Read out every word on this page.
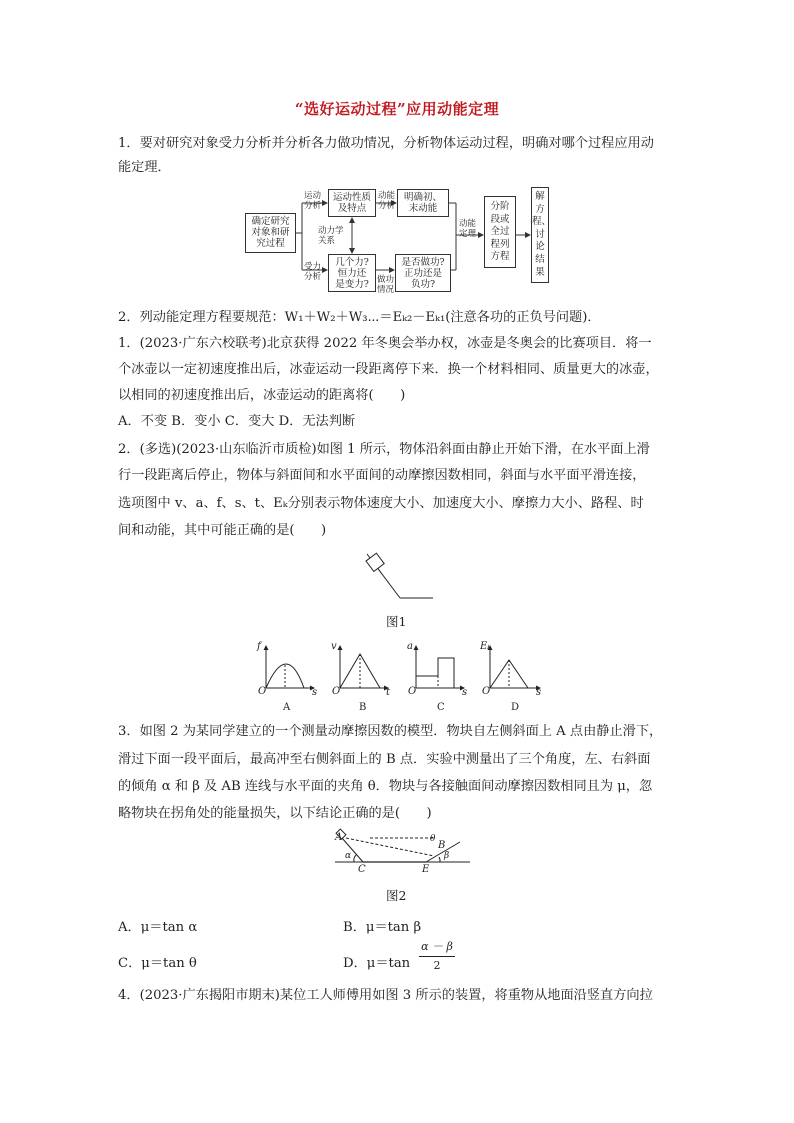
“选好运动过程”应用动能定理
1．要对研究对象受力分析并分析各力做功情况，分析物体运动过程，明确对哪个过程应用动
能定理．
确定研究
对象和研
究过程
运动
分析
运动性质
及特点
动能
分析
明确初、
末动能
动力学
关系
受力
分析
几个力?
恒力还
是变力? 做功
情况
是否做功?
正功还是
负功?
动能
定理
分阶
段或
全过
程列
方程
解
方
程、
讨
论
结
果
2．列动能定理方程要规范：W₁＋W₂＋W₃⋯＝Eₖ₂－Eₖ₁(注意各功的正负号问题)．
1．(2023·广东六校联考)北京获得 2022 年冬奥会举办权，冰壶是冬奥会的比赛项目．将一
个冰壶以一定初速度推出后，冰壶运动一段距离停下来．换一个材料相同、质量更大的冰壶，
以相同的初速度推出后，冰壶运动的距离将(　　)
A．不变 B．变小 C．变大 D．无法判断
2．(多选)(2023·山东临沂市质检)如图 1 所示，物体沿斜面由静止开始下滑，在水平面上滑
行一段距离后停止，物体与斜面间和水平面间的动摩擦因数相同，斜面与水平面平滑连接，
选项图中 v、a、f、s、t、Eₖ分别表示物体速度大小、加速度大小、摩擦力大小、路程、时
间和动能，其中可能正确的是(　　)
图1
f
O	s
A
v
O	t
B
a
O	s
C
Eₖ
O	s
D
3．如图 2 为某同学建立的一个测量动摩擦因数的模型．物块自左侧斜面上 A 点由静止滑下，
滑过下面一段平面后，最高冲至右侧斜面上的 B 点．实验中测量出了三个角度，左、右斜面
的倾角 α 和 β 及 AB 连线与水平面的夹角 θ．物块与各接触面间动摩擦因数相同且为 μ，忽
略物块在拐角处的能量损失，以下结论正确的是(　　)
A
B
C	E
α	β
θ
图2
A．μ＝tan α	B．μ＝tan β
C．μ＝tan θ	D．μ＝tan
α － β
2
4．(2023·广东揭阳市期末)某位工人师傅用如图 3 所示的装置，将重物从地面沿竖直方向拉
